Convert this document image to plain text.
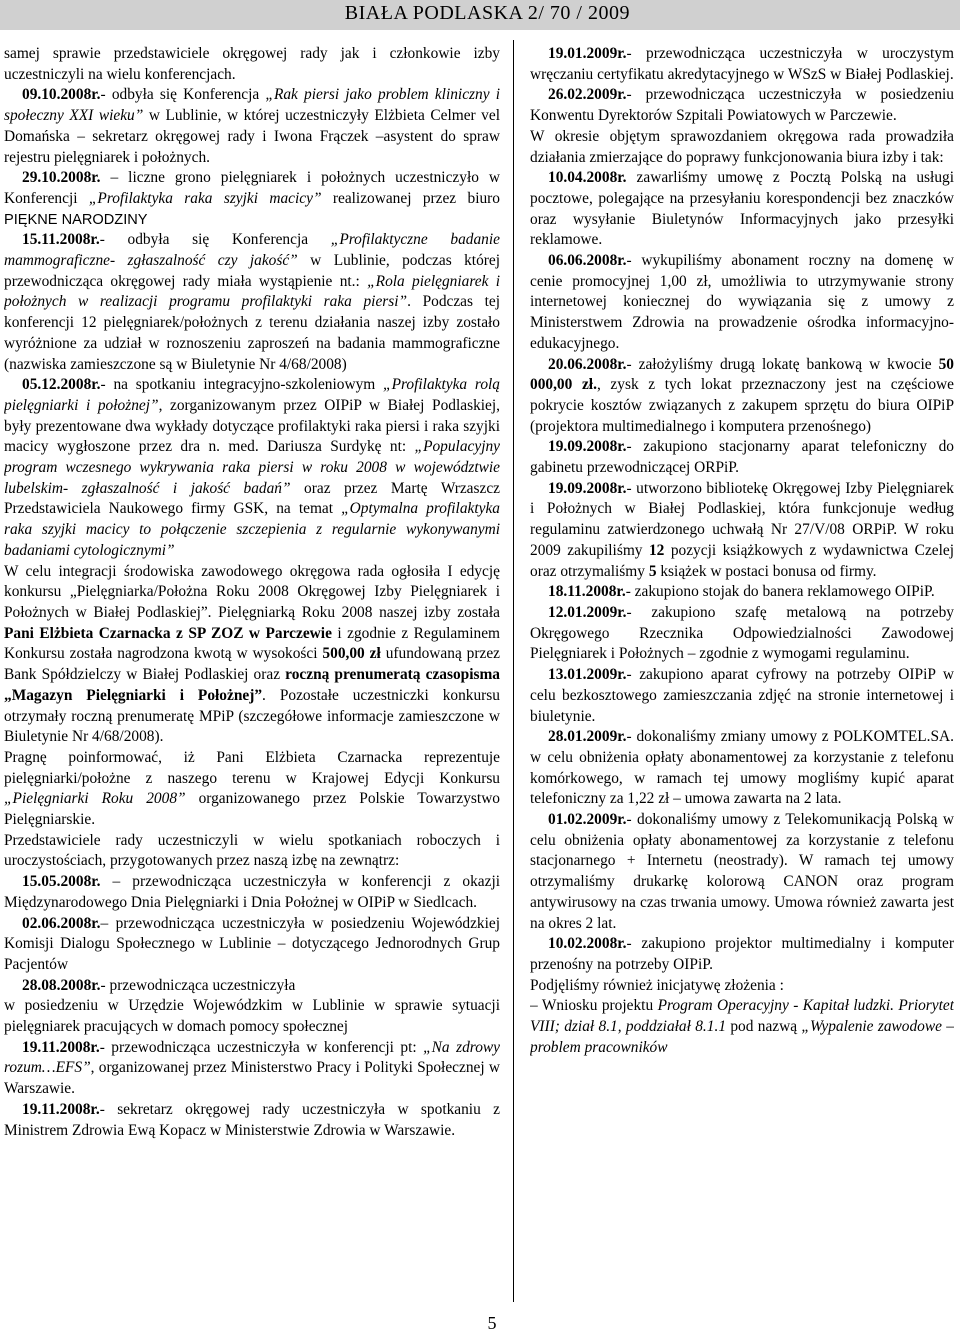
BIAŁA PODLASKA 2/ 70 / 2009

samej sprawie przedstawiciele okręgowej rady jak i członkowie izby uczestniczyli na wielu konferencjach.

09.10.2008r.- odbyła się Konferencja „Rak piersi jako problem kliniczny i społeczny XXI wieku” w Lublinie, w której uczestniczyły Elżbieta Celmer vel Domańska – sekretarz okręgowej rady i Iwona Frączek –asystent do spraw rejestru pielęgniarek i położnych.

29.10.2008r. – liczne grono pielęgniarek i położnych uczestniczyło w Konferencji „Profilaktyka raka szyjki macicy” realizowanej przez biuro PIĘKNE NARODZINY

15.11.2008r.- odbyła się Konferencja „Profilaktyczne badanie mammograficzne- zgłaszalność czy jakość” w Lublinie, podczas której przewodnicząca okręgowej rady miała wystąpienie nt.: „Rola pielęgniarek i położnych w realizacji programu profilaktyki raka piersi”. Podczas tej konferencji 12 pielęgniarek/położnych z terenu działania naszej izby zostało wyróżnione za udział w roznoszeniu zaproszeń na badania mammograficzne (nazwiska zamieszczone są w Biuletynie Nr 4/68/2008)

05.12.2008r.- na spotkaniu integracyjno-szkoleniowym „Profilaktyka rolą pielęgniarki i położnej”, zorganizowanym przez OIPiP w Białej Podlaskiej, były prezentowane dwa wykłady dotyczące profilaktyki raka piersi i raka szyjki macicy wygłoszone przez dra n. med. Dariusza Surdykę nt: „Populacyjny program wczesnego wykrywania raka piersi w roku 2008 w województwie lubelskim- zgłaszalność i jakość badań” oraz przez Martę Wrzaszcz Przedstawiciela Naukowego firmy GSK, na temat „Optymalna profilaktyka raka szyjki macicy to połączenie szczepienia z regularnie wykonywanymi badaniami cytologicznymi”

W celu integracji środowiska zawodowego okręgowa rada ogłosiła I edycję konkursu „Pielęgniarka/Położna Roku 2008 Okręgowej Izby Pielęgniarek i Położnych w Białej Podlaskiej”. Pielęgniarką Roku 2008 naszej izby została Pani Elżbieta Czarnacka z SP ZOZ w Parczewie i zgodnie z Regulaminem Konkursu została nagrodzona kwotą w wysokości 500,00 zł ufundowaną przez Bank Spółdzielczy w Białej Podlaskiej oraz roczną prenumeratą czasopisma „Magazyn Pielęgniarki i Położnej”. Pozostałe uczestniczki konkursu otrzymały roczną prenumeratę MPiP (szczegółowe informacje zamieszczone w Biuletynie Nr 4/68/2008).

Pragnę poinformować, iż Pani Elżbieta Czarnacka reprezentuje pielęgniarki/położne z naszego terenu w Krajowej Edycji Konkursu „Pielęgniarki Roku 2008” organizowanego przez Polskie Towarzystwo Pielęgniarskie.

Przedstawiciele rady uczestniczyli w wielu spotkaniach roboczych i uroczystościach, przygotowanych przez naszą izbę na zewnątrz:

15.05.2008r. – przewodnicząca uczestniczyła w konferencji z okazji Międzynarodowego Dnia Pielęgniarki i Dnia Położnej w OIPiP w Siedlcach.

02.06.2008r.– przewodnicząca uczestniczyła w posiedzeniu Wojewódzkiej Komisji Dialogu Społecznego w Lublinie – dotyczącego Jednorodnych Grup Pacjentów

28.08.2008r.- przewodnicząca uczestniczyła

w posiedzeniu w Urzędzie Wojewódzkim w Lublinie w sprawie sytuacji pielęgniarek pracujących w domach pomocy społecznej

19.11.2008r.- przewodnicząca uczestniczyła w konferencji pt: „Na zdrowy rozum…EFS”, organizowanej przez Ministerstwo Pracy i Polityki Społecznej w Warszawie.

19.11.2008r.- sekretarz okręgowej rady uczestniczyła w spotkaniu z Ministrem Zdrowia Ewą Kopacz w Ministerstwie Zdrowia w Warszawie.

19.01.2009r.- przewodnicząca uczestniczyła w uroczystym wręczaniu certyfikatu akredytacyjnego w WSzS w Białej Podlaskiej.

26.02.2009r.- przewodnicząca uczestniczyła w posiedzeniu Konwentu Dyrektorów Szpitali Powiatowych w Parczewie.

W okresie objętym sprawozdaniem okręgowa rada prowadziła działania zmierzające do poprawy funkcjonowania biura izby i tak:

10.04.2008r. zawarliśmy umowę z Pocztą Polską na usługi pocztowe, polegające na przesyłaniu korespondencji bez znaczków oraz wysyłanie Biuletynów Informacyjnych jako przesyłki reklamowe.

06.06.2008r.- wykupiliśmy abonament roczny na domenę w cenie promocyjnej 1,00 zł, umożliwia to utrzymywanie strony internetowej koniecznej do wywiązania się z umowy z Ministerstwem Zdrowia na prowadzenie ośrodka informacyjno-edukacyjnego.

20.06.2008r.- założyliśmy drugą lokatę bankową w kwocie 50 000,00 zł., zysk z tych lokat przeznaczony jest na częściowe pokrycie kosztów związanych z zakupem sprzętu do biura OIPiP (projektora multimedialnego i komputera przenośnego)

19.09.2008r.- zakupiono stacjonarny aparat telefoniczny do gabinetu przewodniczącej ORPiP.

19.09.2008r.- utworzono bibliotekę Okręgowej Izby Pielęgniarek i Położnych w Białej Podlaskiej, która funkcjonuje według regulaminu zatwierdzonego uchwałą Nr 27/V/08 ORPiP. W roku 2009 zakupiliśmy 12 pozycji książkowych z wydawnictwa Czelej oraz otrzymaliśmy 5 książek w postaci bonusa od firmy.

18.11.2008r.- zakupiono stojak do banera reklamowego OIPiP.

12.01.2009r.- zakupiono szafę metalową na potrzeby Okręgowego Rzecznika Odpowiedzialności Zawodowej Pielęgniarek i Położnych – zgodnie z wymogami regulaminu.

13.01.2009r.- zakupiono aparat cyfrowy na potrzeby OIPiP w celu bezkosztowego zamieszczania zdjęć na stronie internetowej i biuletynie.

28.01.2009r.- dokonaliśmy zmiany umowy z POLKOMTEL.SA. w celu obniżenia opłaty abonamentowej za korzystanie z telefonu komórkowego, w ramach tej umowy mogliśmy kupić aparat telefoniczny za 1,22 zł – umowa zawarta na 2 lata.

01.02.2009r.- dokonaliśmy umowy z Telekomunikacją Polską w celu obniżenia opłaty abonamentowej za korzystanie z telefonu stacjonarnego + Internetu (neostrady). W ramach tej umowy otrzymaliśmy drukarkę kolorową CANON oraz program antywirusowy na czas trwania umowy. Umowa również zawarta jest na okres 2 lat.

10.02.2008r.- zakupiono projektor multimedialny i komputer przenośny na potrzeby OIPiP.

Podjęliśmy również inicjatywę złożenia :

– Wniosku projektu Program Operacyjny - Kapitał ludzki. Priorytet VIII; dział 8.1, poddziałał 8.1.1 pod nazwą „Wypalenie zawodowe – problem pracowników

5
